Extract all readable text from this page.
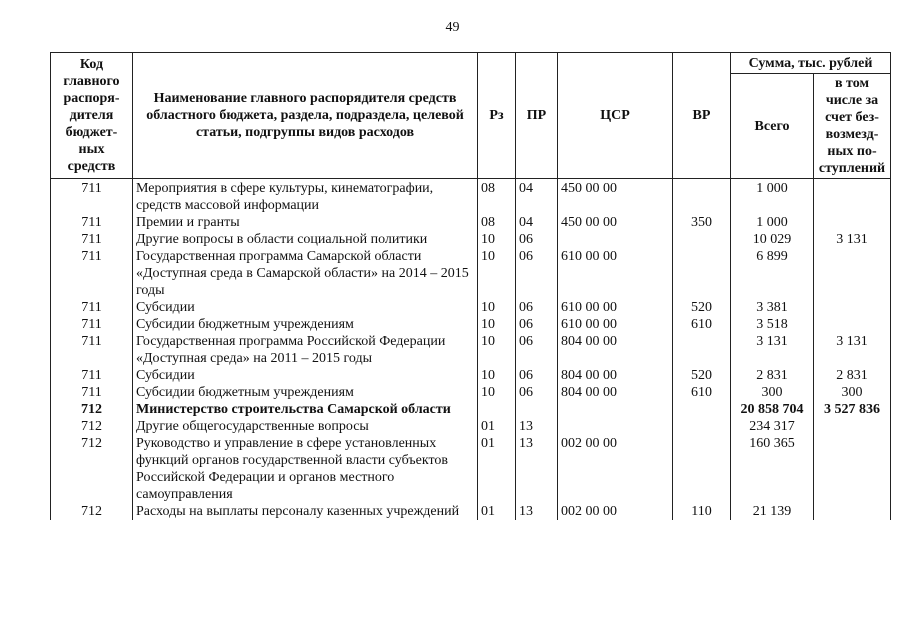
49
Код главного распоря-дителя бюджет-ных средств	Наименование главного распорядителя средств областного бюджета, раздела, подраздела, целевой статьи, подгруппы видов расходов	Рз	ПР	ЦСР	ВР	Сумма, тыс. рублей	
						Всего	в том числе за счет без-возмезд-ных по-ступлений
711	Мероприятия в сфере культуры, кинематографии, средств массовой информации	08	04	450 00 00		1 000	
711	Премии и гранты	08	04	450 00 00	350	1 000	
711	Другие вопросы в области социальной политики	10	06			10 029	3 131
711	Государственная программа Самарской области «Доступная среда в Самарской области» на 2014 – 2015 годы	10	06	610 00 00		6 899	
711	Субсидии	10	06	610 00 00	520	3 381	
711	Субсидии бюджетным учреждениям	10	06	610 00 00	610	3 518	
711	Государственная программа Российской Федерации «Доступная среда» на 2011 – 2015 годы	10	06	804 00 00		3 131	3 131
711	Субсидии	10	06	804 00 00	520	2 831	2 831
711	Субсидии бюджетным учреждениям	10	06	804 00 00	610	300	300
712	Министерство строительства Самарской области					20 858 704	3 527 836
712	Другие общегосударственные вопросы	01	13			234 317	
712	Руководство и управление в сфере установленных функций органов государственной власти субъектов Российской Федерации и органов местного самоуправления	01	13	002 00 00		160 365	
712	Расходы на выплаты персоналу казенных учреждений	01	13	002 00 00	110	21 139	
